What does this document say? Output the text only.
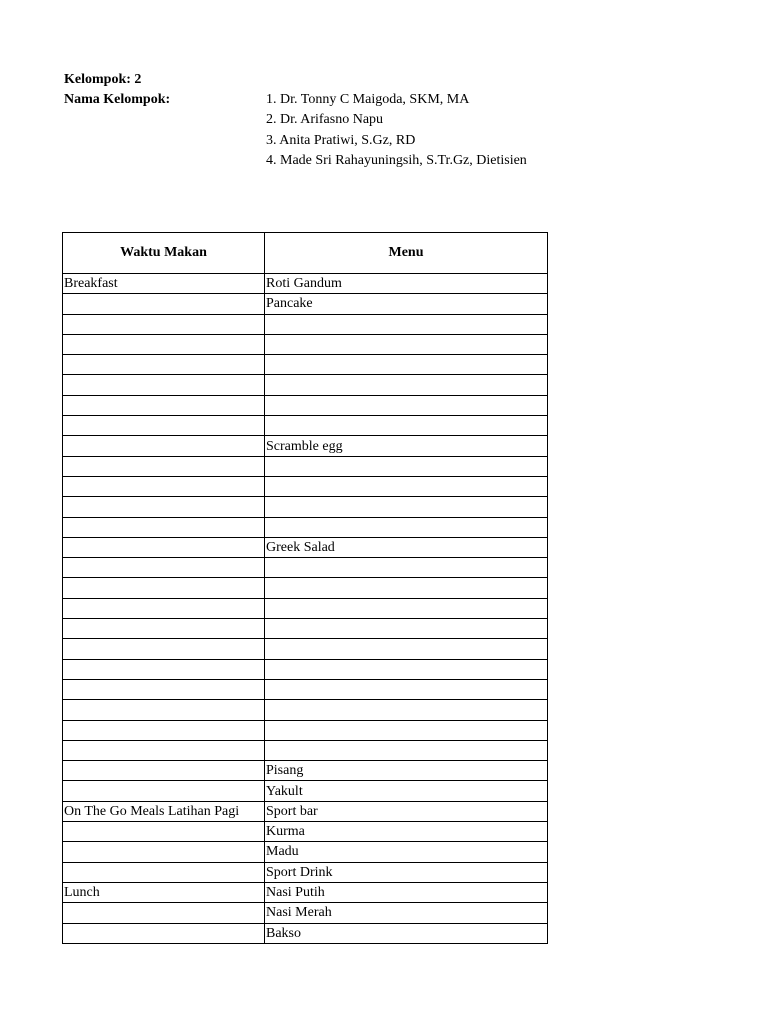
Kelompok: 2
Nama Kelompok:	1. Dr. Tonny C Maigoda, SKM, MA
2. Dr. Arifasno Napu
3. Anita Pratiwi, S.Gz, RD
4. Made Sri Rahayuningsih, S.Tr.Gz, Dietisien
Waktu Makan	Menu
Breakfast	Roti Gandum
	Pancake

	Scramble egg

	Greek Salad

	Pisang
	Yakult
On The Go Meals Latihan Pagi	Sport bar
	Kurma
	Madu
	Sport Drink
Lunch	Nasi Putih
	Nasi Merah
	Bakso
